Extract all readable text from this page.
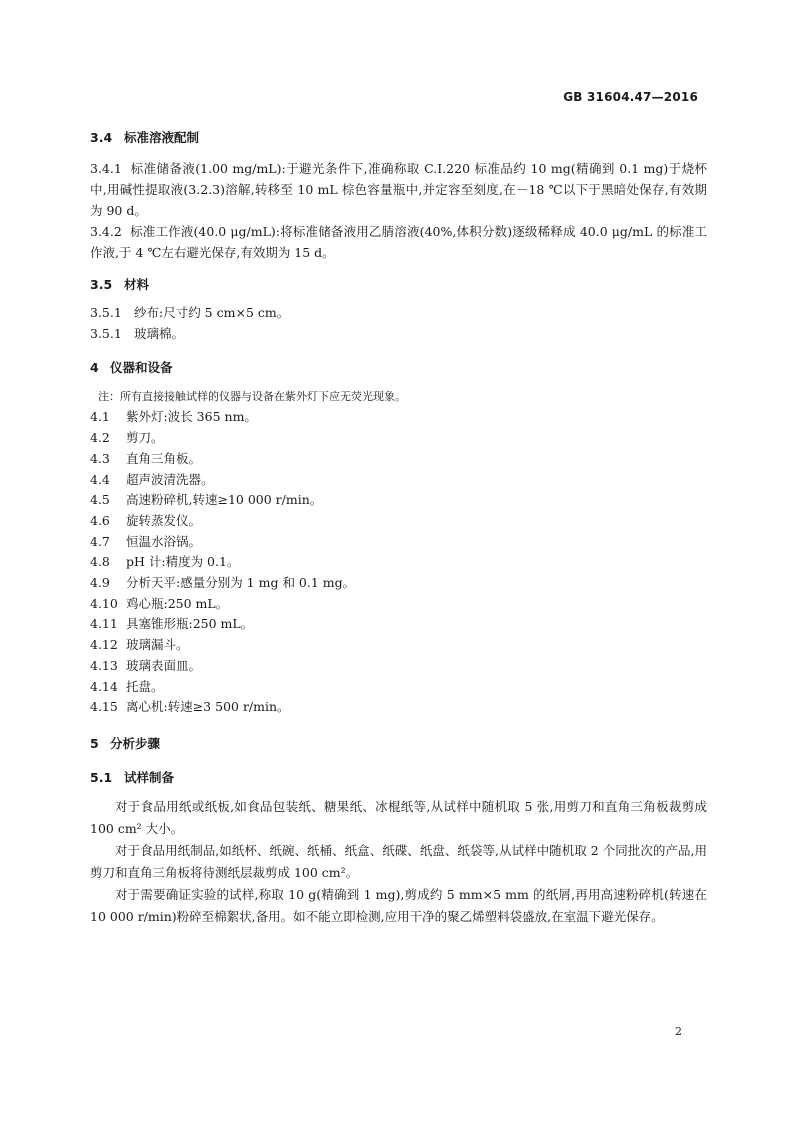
GB 31604.47—2016
3.4 标准溶液配制
3.4.1 标准储备液(1.00 mg/mL):于避光条件下,准确称取 C.I.220 标准品约 10 mg(精确到 0.1 mg)于烧杯中,用碱性提取液(3.2.3)溶解,转移至 10 mL 棕色容量瓶中,并定容至刻度,在－18 ℃以下于黑暗处保存,有效期为 90 d。
3.4.2 标准工作液(40.0 μg/mL):将标准储备液用乙腈溶液(40%,体积分数)逐级稀释成 40.0 μg/mL 的标准工作液,于 4 ℃左右避光保存,有效期为 15 d。
3.5 材料
3.5.1 纱布:尺寸约 5 cm×5 cm。
3.5.1 玻璃棉。
4 仪器和设备
注：所有直接接触试样的仪器与设备在紫外灯下应无荧光现象。
4.1 紫外灯:波长 365 nm。
4.2 剪刀。
4.3 直角三角板。
4.4 超声波清洗器。
4.5 高速粉碎机,转速≥10 000 r/min。
4.6 旋转蒸发仪。
4.7 恒温水浴锅。
4.8 pH 计:精度为 0.1。
4.9 分析天平:感量分别为 1 mg 和 0.1 mg。
4.10 鸡心瓶:250 mL。
4.11 具塞锥形瓶:250 mL。
4.12 玻璃漏斗。
4.13 玻璃表面皿。
4.14 托盘。
4.15 离心机:转速≥3 500 r/min。
5 分析步骤
5.1 试样制备
对于食品用纸或纸板,如食品包装纸、糖果纸、冰棍纸等,从试样中随机取 5 张,用剪刀和直角三角板裁剪成 100 cm² 大小。
对于食品用纸制品,如纸杯、纸碗、纸桶、纸盒、纸碟、纸盘、纸袋等,从试样中随机取 2 个同批次的产品,用剪刀和直角三角板将待测纸层裁剪成 100 cm²。
对于需要确证实验的试样,称取 10 g(精确到 1 mg),剪成约 5 mm×5 mm 的纸屑,再用高速粉碎机(转速在 10 000 r/min)粉碎至棉絮状,备用。如不能立即检测,应用干净的聚乙烯塑料袋盛放,在室温下避光保存。
2
